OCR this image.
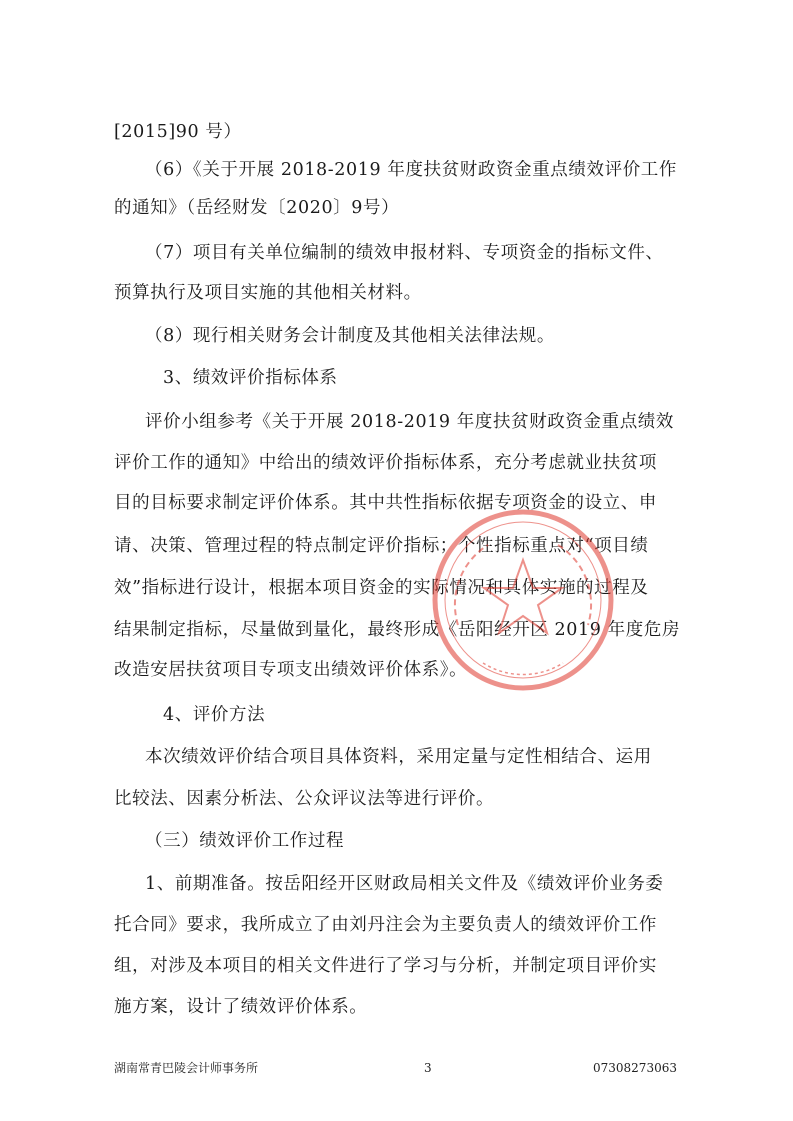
[2015]90 号）
（6）《关于开展 2018-2019 年度扶贫财政资金重点绩效评价工作
的通知》（岳经财发〔2020〕9号）
（7）项目有关单位编制的绩效申报材料、专项资金的指标文件、
预算执行及项目实施的其他相关材料。
（8）现行相关财务会计制度及其他相关法律法规。
3、绩效评价指标体系
评价小组参考《关于开展 2018-2019 年度扶贫财政资金重点绩效
评价工作的通知》中给出的绩效评价指标体系，充分考虑就业扶贫项
目的目标要求制定评价体系。其中共性指标依据专项资金的设立、申
请、决策、管理过程的特点制定评价指标；个性指标重点对“项目绩
效”指标进行设计，根据本项目资金的实际情况和具体实施的过程及
结果制定指标，尽量做到量化，最终形成《岳阳经开区 2019 年度危房
改造安居扶贫项目专项支出绩效评价体系》。
4、评价方法
本次绩效评价结合项目具体资料，采用定量与定性相结合、运用
比较法、因素分析法、公众评议法等进行评价。
（三）绩效评价工作过程
1、前期准备。按岳阳经开区财政局相关文件及《绩效评价业务委
托合同》要求，我所成立了由刘丹注会为主要负责人的绩效评价工作
组，对涉及本项目的相关文件进行了学习与分析，并制定项目评价实
施方案，设计了绩效评价体系。
湖南常青巴陵会计师事务所	3	07308273063
